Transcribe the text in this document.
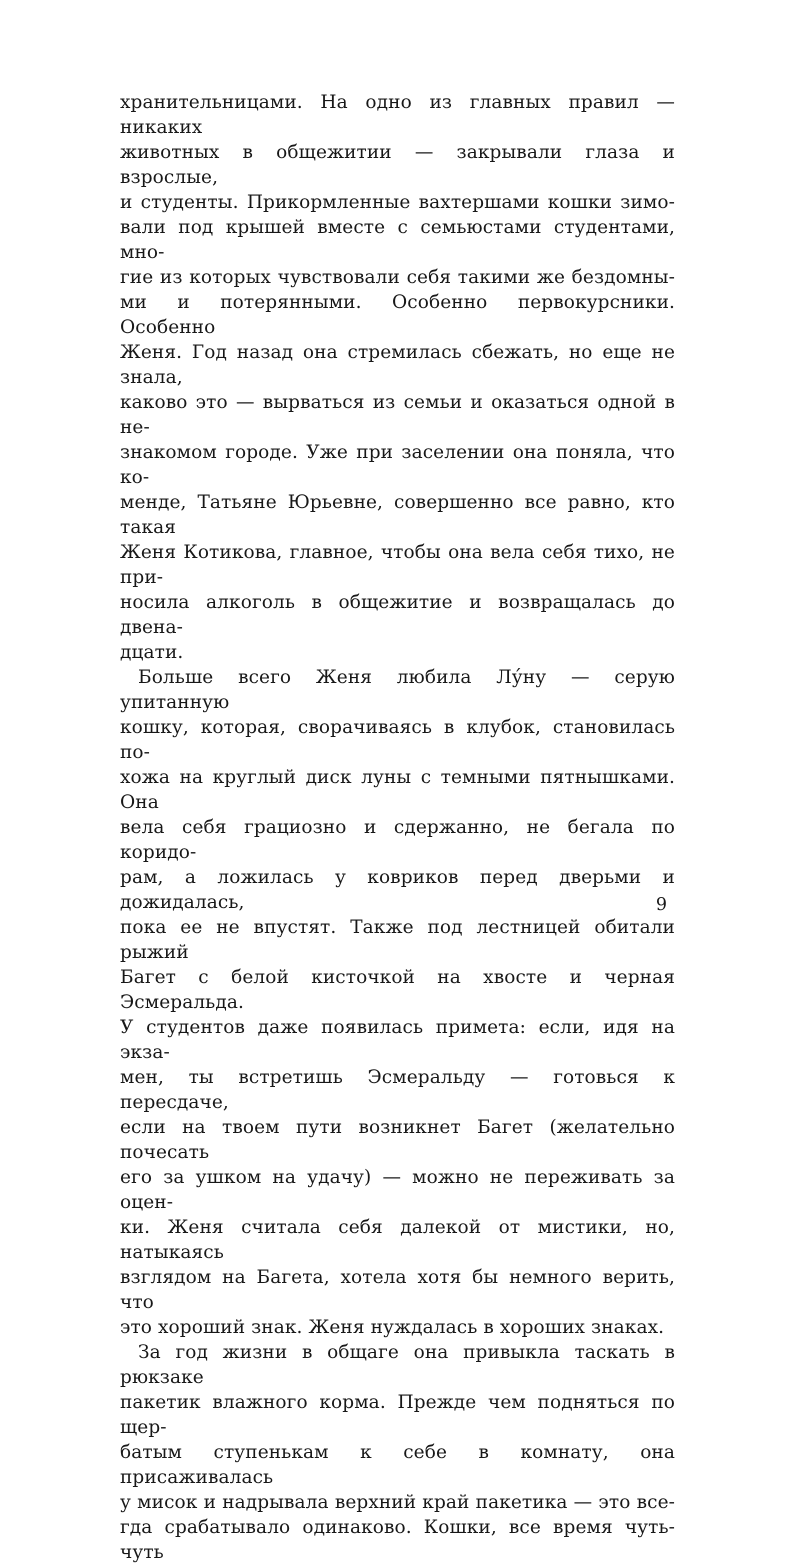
хранительницами. На одно из главных правил — никаких
животных в общежитии — закрывали глаза и взрослые,
и студенты. Прикормленные вахтершами кошки зимо-
вали под крышей вместе с семьюстами студентами, мно-
гие из которых чувствовали себя такими же бездомны-
ми и потерянными. Особенно первокурсники. Особенно
Женя. Год назад она стремилась сбежать, но еще не знала,
каково это — вырваться из семьи и оказаться одной в не-
знакомом городе. Уже при заселении она поняла, что ко-
менде, Татьяне Юрьевне, совершенно все равно, кто такая
Женя Котикова, главное, чтобы она вела себя тихо, не при-
носила алкоголь в общежитие и возвращалась до двена-
дцати.
Больше всего Женя любила Лу́ну — серую упитанную
кошку, которая, сворачиваясь в клубок, становилась по-
хожа на круглый диск луны с темными пятнышками. Она
вела себя грациозно и сдержанно, не бегала по коридо-
рам, а ложилась у ковриков перед дверьми и дожидалась,
пока ее не впустят. Также под лестницей обитали рыжий
Багет с белой кисточкой на хвосте и черная Эсмеральда.
У студентов даже появилась примета: если, идя на экза-
мен, ты встретишь Эсмеральду — готовься к пересдаче,
если на твоем пути возникнет Багет (желательно почесать
его за ушком на удачу) — можно не переживать за оцен-
ки. Женя считала себя далекой от мистики, но, натыкаясь
взглядом на Багета, хотела хотя бы немного верить, что
это хороший знак. Женя нуждалась в хороших знаках.
За год жизни в общаге она привыкла таскать в рюкзаке
пакетик влажного корма. Прежде чем подняться по щер-
батым ступенькам к себе в комнату, она присаживалась
у мисок и надрывала верхний край пакетика — это все-
гда срабатывало одинаково. Кошки, все время чуть-чуть
9
